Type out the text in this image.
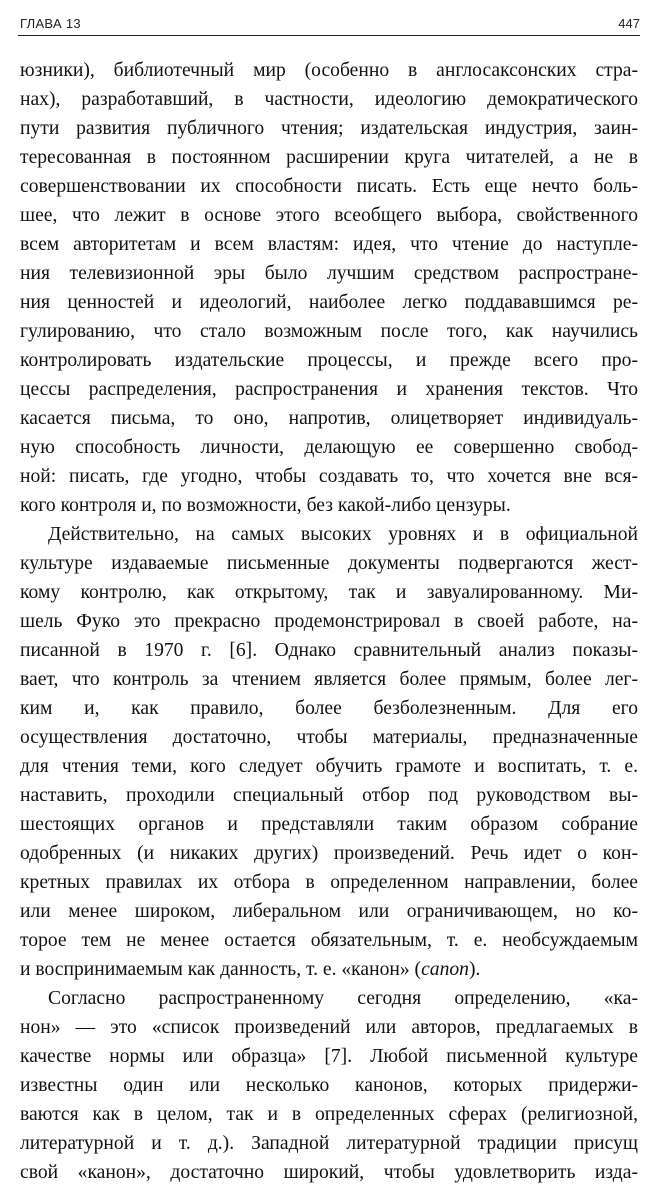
ГЛАВА 13	447
юзники), библиотечный мир (особенно в англосаксонских стра-
нах), разработавший, в частности, идеологию демократического
пути развития публичного чтения; издательская индустрия, заин-
тересованная в постоянном расширении круга читателей, а не в
совершенствовании их способности писать. Есть еще нечто боль-
шее, что лежит в основе этого всеобщего выбора, свойственного
всем авторитетам и всем властям: идея, что чтение до наступле-
ния телевизионной эры было лучшим средством распростране-
ния ценностей и идеологий, наиболее легко поддававшимся ре-
гулированию, что стало возможным после того, как научились
контролировать издательские процессы, и прежде всего про-
цессы распределения, распространения и хранения текстов. Что
касается письма, то оно, напротив, олицетворяет индивидуаль-
ную способность личности, делающую ее совершенно свобод-
ной: писать, где угодно, чтобы создавать то, что хочется вне вся-
кого контроля и, по возможности, без какой-либо цензуры.
Действительно, на самых высоких уровнях и в официальной
культуре издаваемые письменные документы подвергаются жест-
кому контролю, как открытому, так и завуалированному. Ми-
шель Фуко это прекрасно продемонстрировал в своей работе, на-
писанной в 1970 г. [6]. Однако сравнительный анализ показы-
вает, что контроль за чтением является более прямым, более лег-
ким и, как правило, более безболезненным. Для его
осуществления достаточно, чтобы материалы, предназначенные
для чтения теми, кого следует обучить грамоте и воспитать, т. е.
наставить, проходили специальный отбор под руководством вы-
шестоящих органов и представляли таким образом собрание
одобренных (и никаких других) произведений. Речь идет о кон-
кретных правилах их отбора в определенном направлении, более
или менее широком, либеральном или ограничивающем, но ко-
торое тем не менее остается обязательным, т. е. необсуждаемым
и воспринимаемым как данность, т. е. «канон» (canon).
Согласно распространенному сегодня определению, «ка-
нон» — это «список произведений или авторов, предлагаемых в
качестве нормы или образца» [7]. Любой письменной культуре
известны один или несколько канонов, которых придержи-
ваются как в целом, так и в определенных сферах (религиозной,
литературной и т. д.). Западной литературной традиции присущ
свой «канон», достаточно широкий, чтобы удовлетворить изда-
